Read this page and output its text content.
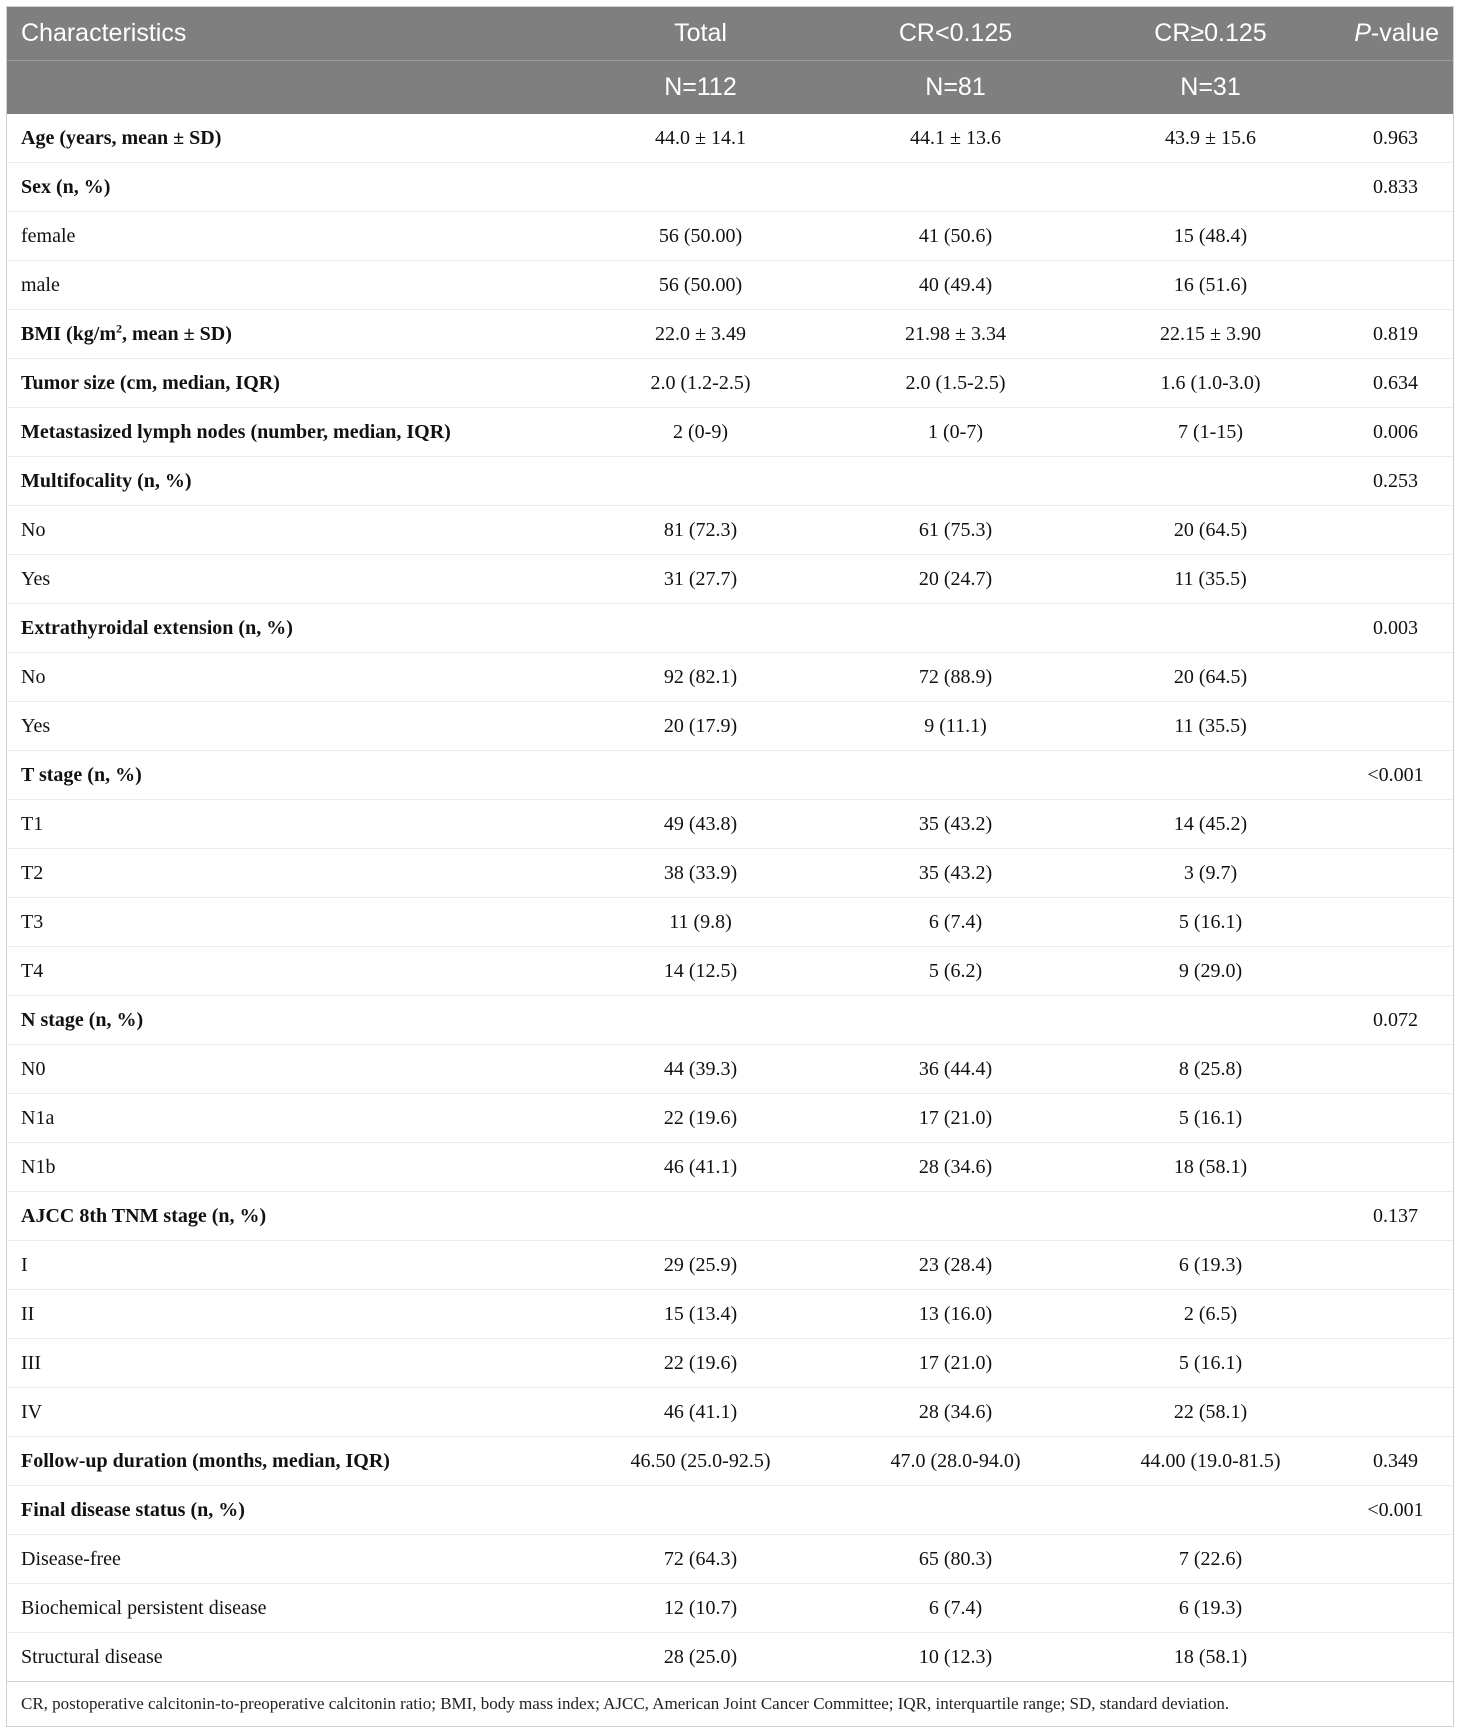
Characteristics	Total	CR<0.125	CR≥0.125	P-value
	N=112	N=81	N=31	
Age (years, mean ± SD)	44.0 ± 14.1	44.1 ± 13.6	43.9 ± 15.6	0.963
Sex (n, %)				0.833
female	56 (50.00)	41 (50.6)	15 (48.4)	
male	56 (50.00)	40 (49.4)	16 (51.6)	
BMI ($kg/m^2$, mean ± SD)	22.0 ± 3.49	21.98 ± 3.34	22.15 ± 3.90	0.819
Tumor size (cm, median, IQR)	2.0 (1.2-2.5)	2.0 (1.5-2.5)	1.6 (1.0-3.0)	0.634
Metastasized lymph nodes (number, median, IQR)	2 (0-9)	1 (0-7)	7 (1-15)	0.006
Multifocality (n, %)				0.253
No	81 (72.3)	61 (75.3)	20 (64.5)	
Yes	31 (27.7)	20 (24.7)	11 (35.5)	
Extrathyroidal extension (n, %)				0.003
No	92 (82.1)	72 (88.9)	20 (64.5)	
Yes	20 (17.9)	9 (11.1)	11 (35.5)	
T stage (n, %)				<0.001
T1	49 (43.8)	35 (43.2)	14 (45.2)	
T2	38 (33.9)	35 (43.2)	3 (9.7)	
T3	11 (9.8)	6 (7.4)	5 (16.1)	
T4	14 (12.5)	5 (6.2)	9 (29.0)	
N stage (n, %)				0.072
N0	44 (39.3)	36 (44.4)	8 (25.8)	
N1a	22 (19.6)	17 (21.0)	5 (16.1)	
N1b	46 (41.1)	28 (34.6)	18 (58.1)	
AJCC 8th TNM stage (n, %)				0.137
I	29 (25.9)	23 (28.4)	6 (19.3)	
II	15 (13.4)	13 (16.0)	2 (6.5)	
III	22 (19.6)	17 (21.0)	5 (16.1)	
IV	46 (41.1)	28 (34.6)	22 (58.1)	
Follow-up duration (months, median, IQR)	46.50 (25.0-92.5)	47.0 (28.0-94.0)	44.00 (19.0-81.5)	0.349
Final disease status (n, %)				<0.001
Disease-free	72 (64.3)	65 (80.3)	7 (22.6)	
Biochemical persistent disease	12 (10.7)	6 (7.4)	6 (19.3)	
Structural disease	28 (25.0)	10 (12.3)	18 (58.1)	
CR, postoperative calcitonin-to-preoperative calcitonin ratio; BMI, body mass index; AJCC, American Joint Cancer Committee; IQR, interquartile range; SD, standard deviation.
